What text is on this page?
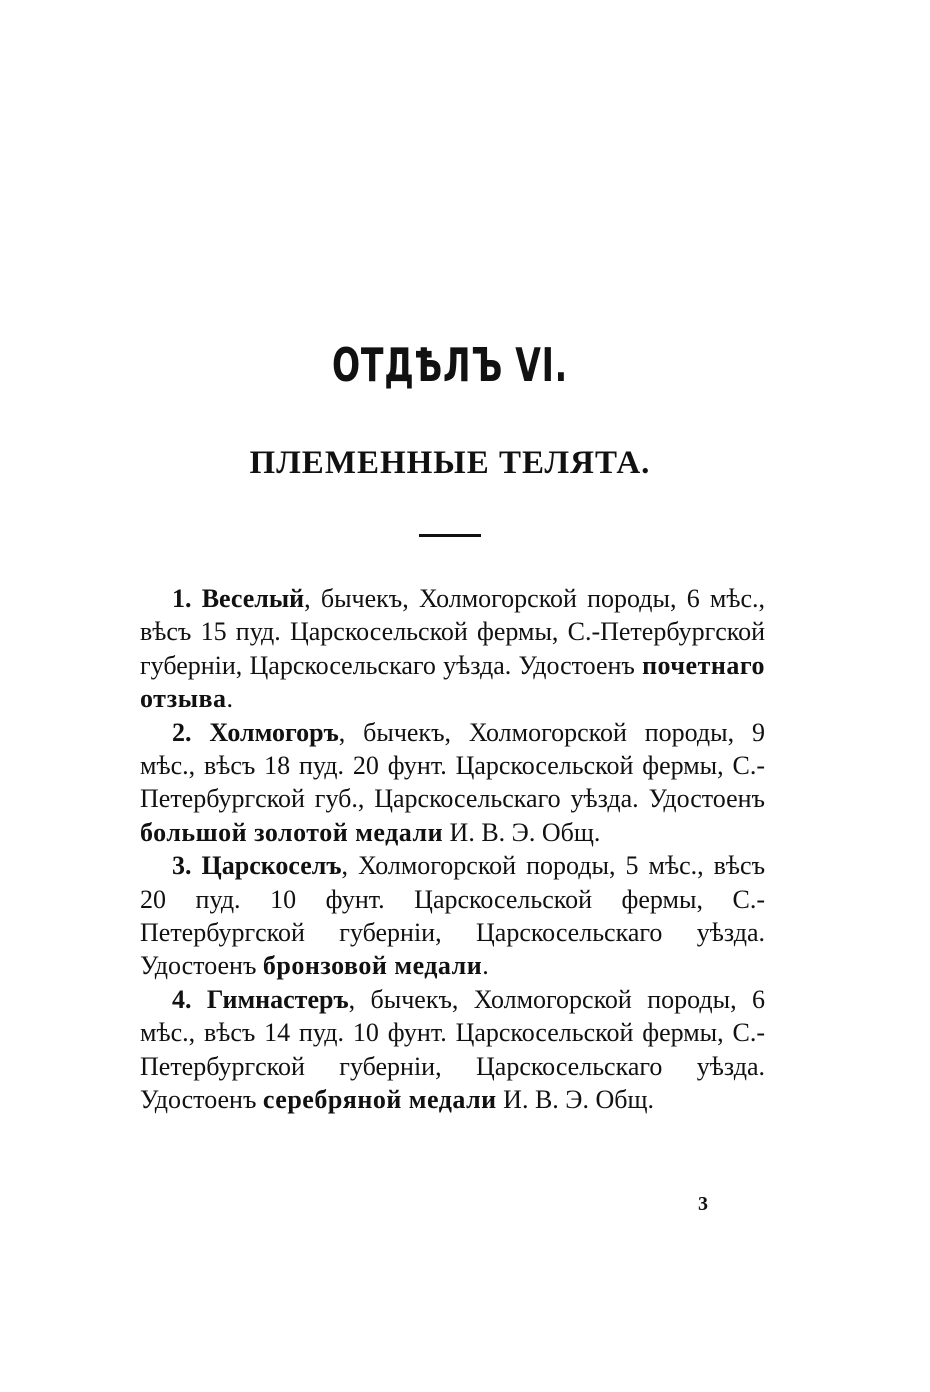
ОТДѢЛЪ VI.
ПЛЕМЕННЫЕ ТЕЛЯТА.

1. Веселый, бычекъ, Холмогорской породы, 6 мѣс., вѣсъ 15 пуд. Царскосельской фермы, С.-Петербургской губерніи, Царскосельскаго уѣзда. Удостоенъ почетнаго отзыва.

2. Холмогоръ, бычекъ, Холмогорской породы, 9 мѣс., вѣсъ 18 пуд. 20 фунт. Царскосельской фермы, С.-Петербургской губ., Царскосельскаго уѣзда. Удостоенъ большой золотой медали И. В. Э. Общ.

3. Царскоселъ, Холмогорской породы, 5 мѣс., вѣсъ 20 пуд. 10 фунт. Царскосельской фермы, С.-Петербургской губерніи, Царскосельскаго уѣзда. Удостоенъ бронзовой медали.

4. Гимнастеръ, бычекъ, Холмогорской породы, 6 мѣс., вѣсъ 14 пуд. 10 фунт. Царскосельской фермы, С.-Петербургской губерніи, Царскосельскаго уѣзда. Удостоенъ серебряной медали И. В. Э. Общ.

3
